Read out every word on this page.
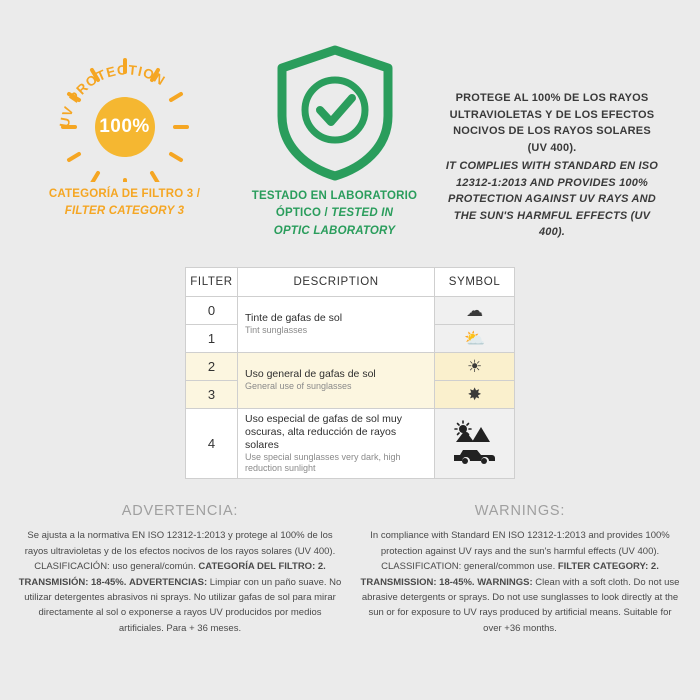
UV PROTECTION
100%
CATEGORÍA DE FILTRO 3 /
FILTER CATEGORY 3
TESTADO EN LABORATORIO
ÓPTICO / TESTED IN
OPTIC LABORATORY
PROTEGE AL 100% DE LOS RAYOS ULTRAVIOLETAS Y DE LOS EFECTOS NOCIVOS DE LOS RAYOS SOLARES (UV 400).
IT COMPLIES WITH STANDARD EN ISO 12312-1:2013 AND PROVIDES 100% PROTECTION AGAINST UV RAYS AND THE SUN'S HARMFUL EFFECTS (UV 400).
FILTER	DESCRIPTION	SYMBOL
0	Tinte de gafas de sol
Tint sunglasses	☁
1		⛅
2	Uso general de gafas de sol
General use of sunglasses	☀
3		✸
4	Uso especial de gafas de sol muy oscuras, alta reducción de rayos solares
Use special sunglasses very dark, high reduction sunlight

ADVERTENCIA:
Se ajusta a la normativa EN ISO 12312-1:2013 y protege al 100% de los rayos ultravioletas y de los efectos nocivos de los rayos solares (UV 400). CLASIFICACIÓN: uso general/común. CATEGORÍA DEL FILTRO: 2. TRANSMISIÓN: 18-45%. ADVERTENCIAS: Limpiar con un paño suave. No utilizar detergentes abrasivos ni sprays. No utilizar gafas de sol para mirar directamente al sol o exponerse a rayos UV producidos por medios artificiales. Para + 36 meses.
WARNINGS:
In compliance with Standard EN ISO 12312-1:2013 and provides 100% protection against UV rays and the sun's harmful effects (UV 400). CLASSIFICATION: general/common use. FILTER CATEGORY: 2. TRANSMISSION: 18-45%. WARNINGS: Clean with a soft cloth. Do not use abrasive detergents or sprays. Do not use sunglasses to look directly at the sun or for exposure to UV rays produced by artificial means. Suitable for over +36 months.
